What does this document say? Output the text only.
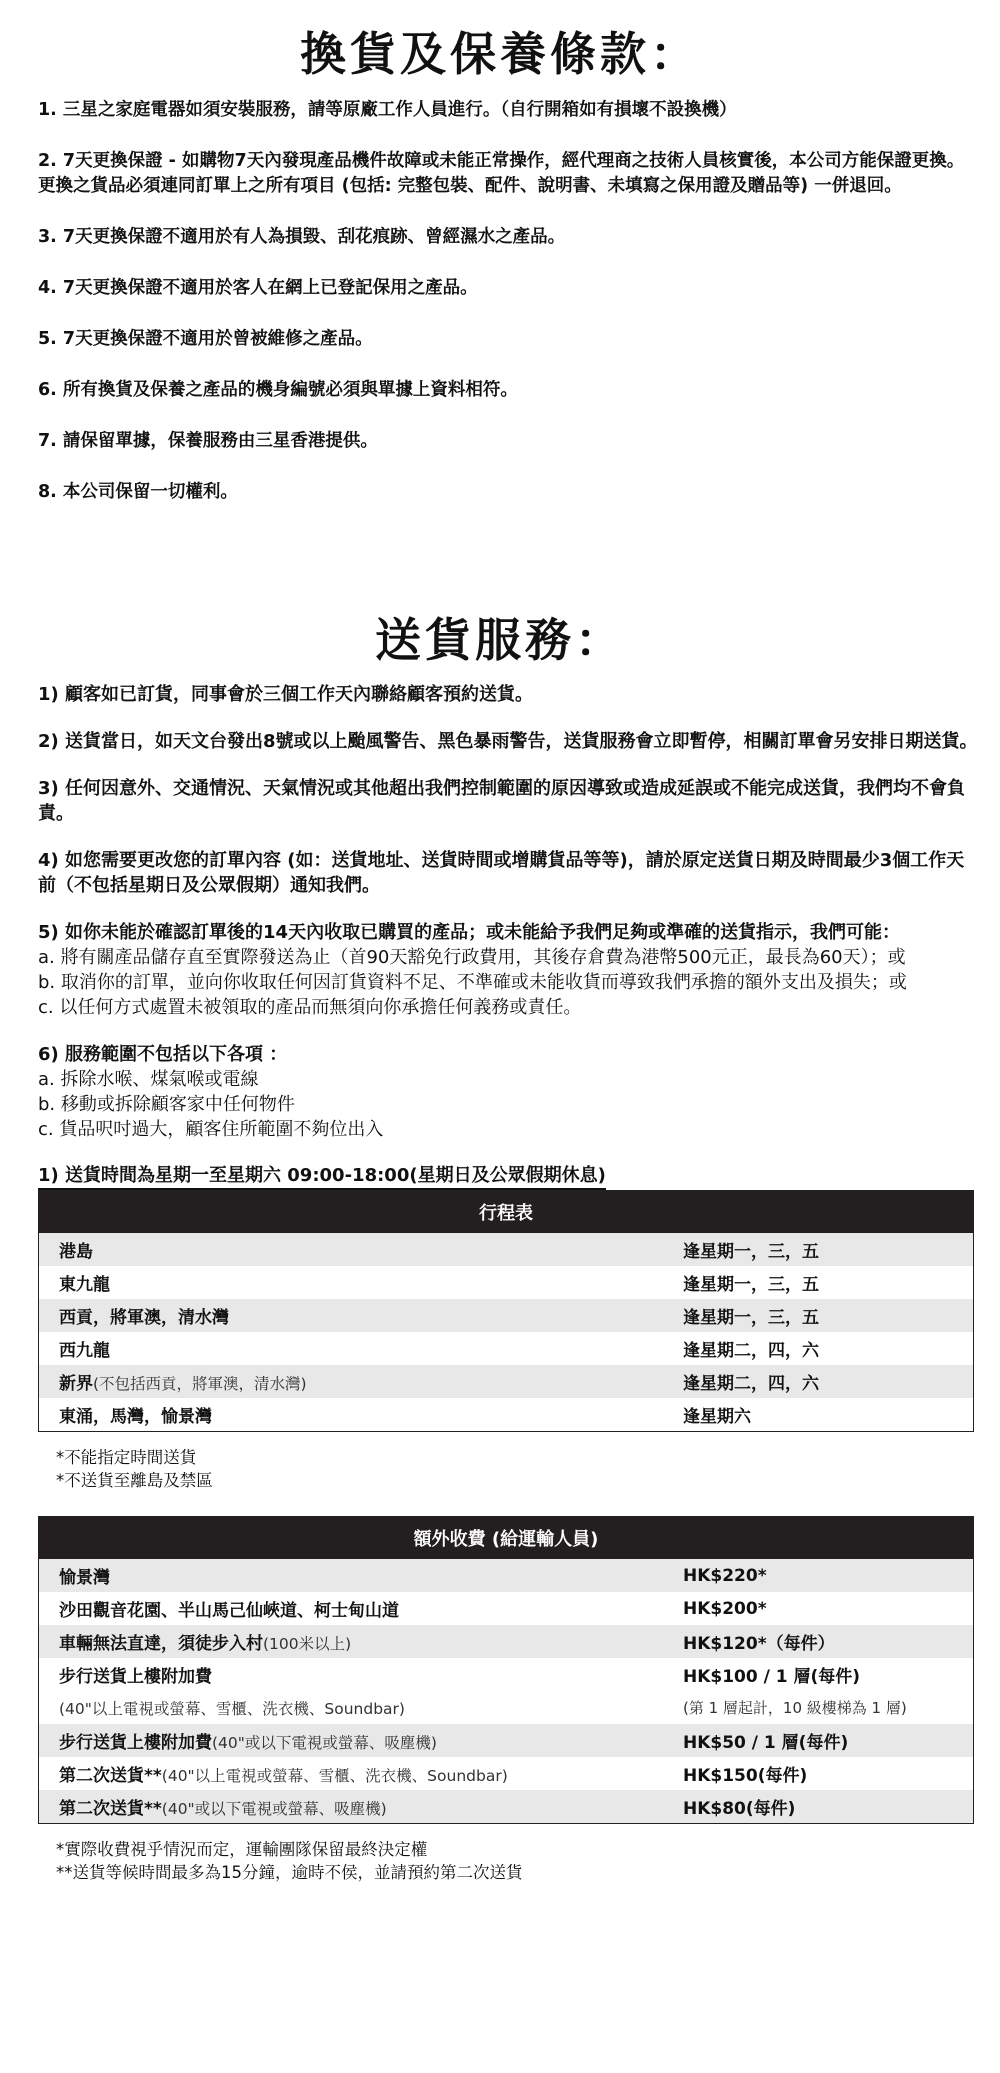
換貨及保養條款：

1. 三星之家庭電器如須安裝服務，請等原廠工作人員進行。（自行開箱如有損壞不設換機）

2. 7天更換保證 - 如購物7天內發現產品機件故障或未能正常操作，經代理商之技術人員核實後，本公司方能保證更換。更換之貨品必須連同訂單上之所有項目 (包括: 完整包裝、配件、說明書、未填寫之保用證及贈品等) 一併退回。

3. 7天更換保證不適用於有人為損毀、刮花痕跡、曾經濕水之產品。

4. 7天更換保證不適用於客人在網上已登記保用之產品。

5. 7天更換保證不適用於曾被維修之產品。

6. 所有換貨及保養之產品的機身編號必須與單據上資料相符。

7. 請保留單據，保養服務由三星香港提供。

8. 本公司保留一切權利。

送貨服務：
1) 顧客如已訂貨，同事會於三個工作天內聯絡顧客預約送貨。
2) 送貨當日，如天文台發出8號或以上颱風警告、黑色暴雨警告，送貨服務會立即暫停，相關訂單會另安排日期送貨。
3) 任何因意外、交通情況、天氣情況或其他超出我們控制範圍的原因導致或造成延誤或不能完成送貨，我們均不會負責。
4) 如您需要更改您的訂單內容 (如：送貨地址、送貨時間或增購貨品等等)，請於原定送貨日期及時間最少3個工作天前（不包括星期日及公眾假期）通知我們。
5) 如你未能於確認訂單後的14天內收取已購買的產品；或未能給予我們足夠或準確的送貨指示，我們可能：
a. 將有關產品儲存直至實際發送為止（首90天豁免行政費用，其後存倉費為港幣500元正，最長為60天）；或
b. 取消你的訂單，並向你收取任何因訂貨資料不足、不準確或未能收貨而導致我們承擔的額外支出及損失；或
c. 以任何方式處置未被領取的產品而無須向你承擔任何義務或責任。
6) 服務範圍不包括以下各項 ：
a. 拆除水喉、煤氣喉或電線
b. 移動或拆除顧客家中任何物件
c. 貨品呎吋過大，顧客住所範圍不夠位出入
1) 送貨時間為星期一至星期六 09:00-18:00(星期日及公眾假期休息)
行程表	
港島	逢星期一，三，五
東九龍	逢星期一，三，五
西貢，將軍澳，清水灣	逢星期一，三，五
西九龍	逢星期二，四，六
新界(不包括西貢，將軍澳，清水灣)	逢星期二，四，六
東涌，馬灣，愉景灣	逢星期六
*不能指定時間送貨
*不送貨至離島及禁區
額外收費 (給運輸人員)	
愉景灣	HK$220*
沙田觀音花園、半山馬己仙峽道、柯士甸山道	HK$200*
車輛無法直達，須徒步入村(100米以上)	HK$120*（每件）
步行送貨上樓附加費	HK$100 / 1 層(每件)
(40"以上電視或螢幕、雪櫃、洗衣機、Soundbar)	(第 1 層起計，10 級樓梯為 1 層)
步行送貨上樓附加費(40"或以下電視或螢幕、吸塵機)	HK$50 / 1 層(每件)
第二次送貨**(40"以上電視或螢幕、雪櫃、洗衣機、Soundbar)	HK$150(每件)
第二次送貨**(40"或以下電視或螢幕、吸塵機)	HK$80(每件)
*實際收費視乎情況而定，運輸團隊保留最終決定權
**送貨等候時間最多為15分鐘，逾時不侯，並請預約第二次送貨
